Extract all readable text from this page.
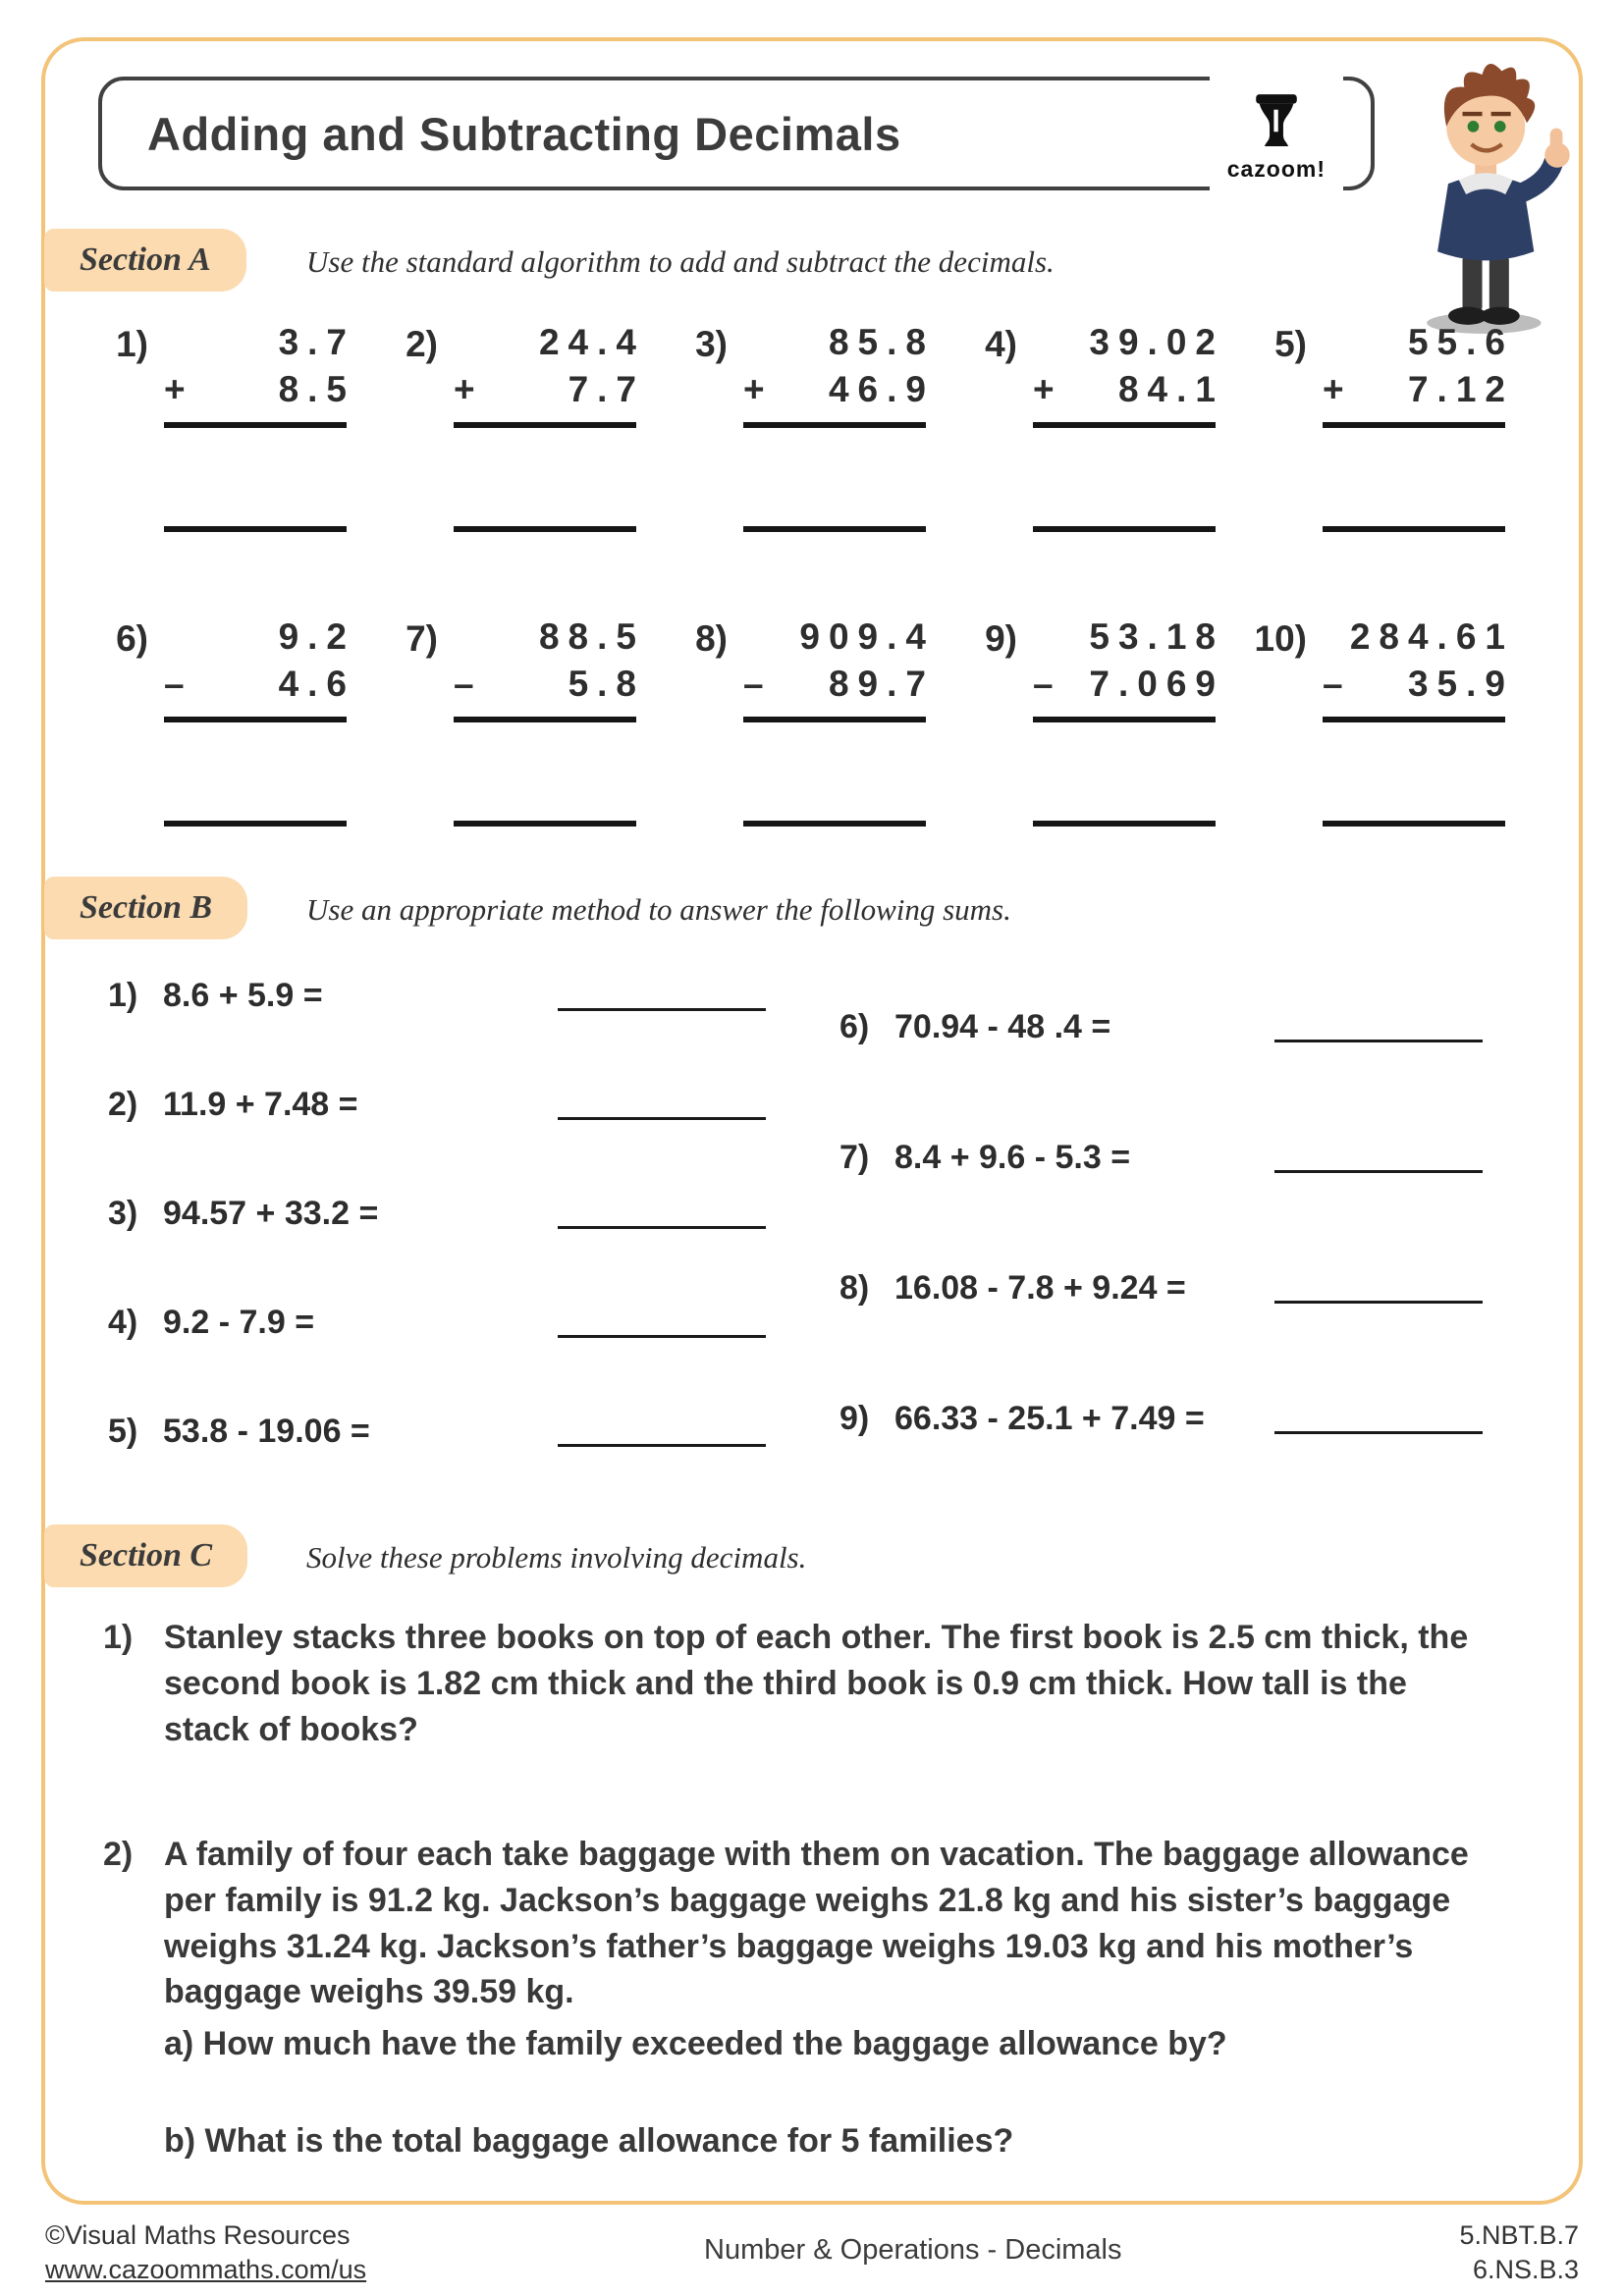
Adding and Subtracting Decimals
cazoom!
Section A	Use the standard algorithm to add and subtract the decimals.
1)	3.7
+	8.5
2)	24.4
+	7.7
3)	85.8
+ 46.9
4)	39.02
+ 84.1
5)	55.6
+ 7.12
6)	9.2
–	4.6
7)	88.5
–	5.8
8)	909.4
– 89.7
9)	53.18
– 7.069
10)	284.61
– 35.9
Section B	Use an appropriate method to answer the following sums.
1) 8.6 + 5.9 =
2) 11.9 + 7.48 =
3) 94.57 + 33.2 =
4) 9.2 - 7.9 =
5) 53.8 - 19.06 =
6) 70.94 - 48 .4 =
7) 8.4 + 9.6 - 5.3 =
8) 16.08 - 7.8 + 9.24 =
9) 66.33 - 25.1 + 7.49 =
Section C	Solve these problems involving decimals.
1) Stanley stacks three books on top of each other. The first book is 2.5 cm thick, the second book is 1.82 cm thick and the third book is 0.9 cm thick. How tall is the stack of books?
2) A family of four each take baggage with them on vacation. The baggage allowance per family is 91.2 kg. Jackson’s baggage weighs 21.8 kg and his sister’s baggage weighs 31.24 kg. Jackson’s father’s baggage weighs 19.03 kg and his mother’s baggage weighs 39.59 kg.
a) How much have the family exceeded the baggage allowance by?
b) What is the total baggage allowance for 5 families?
©Visual Maths Resources
www.cazoommaths.com/us
Number & Operations - Decimals	5.NBT.B.7
6.NS.B.3
